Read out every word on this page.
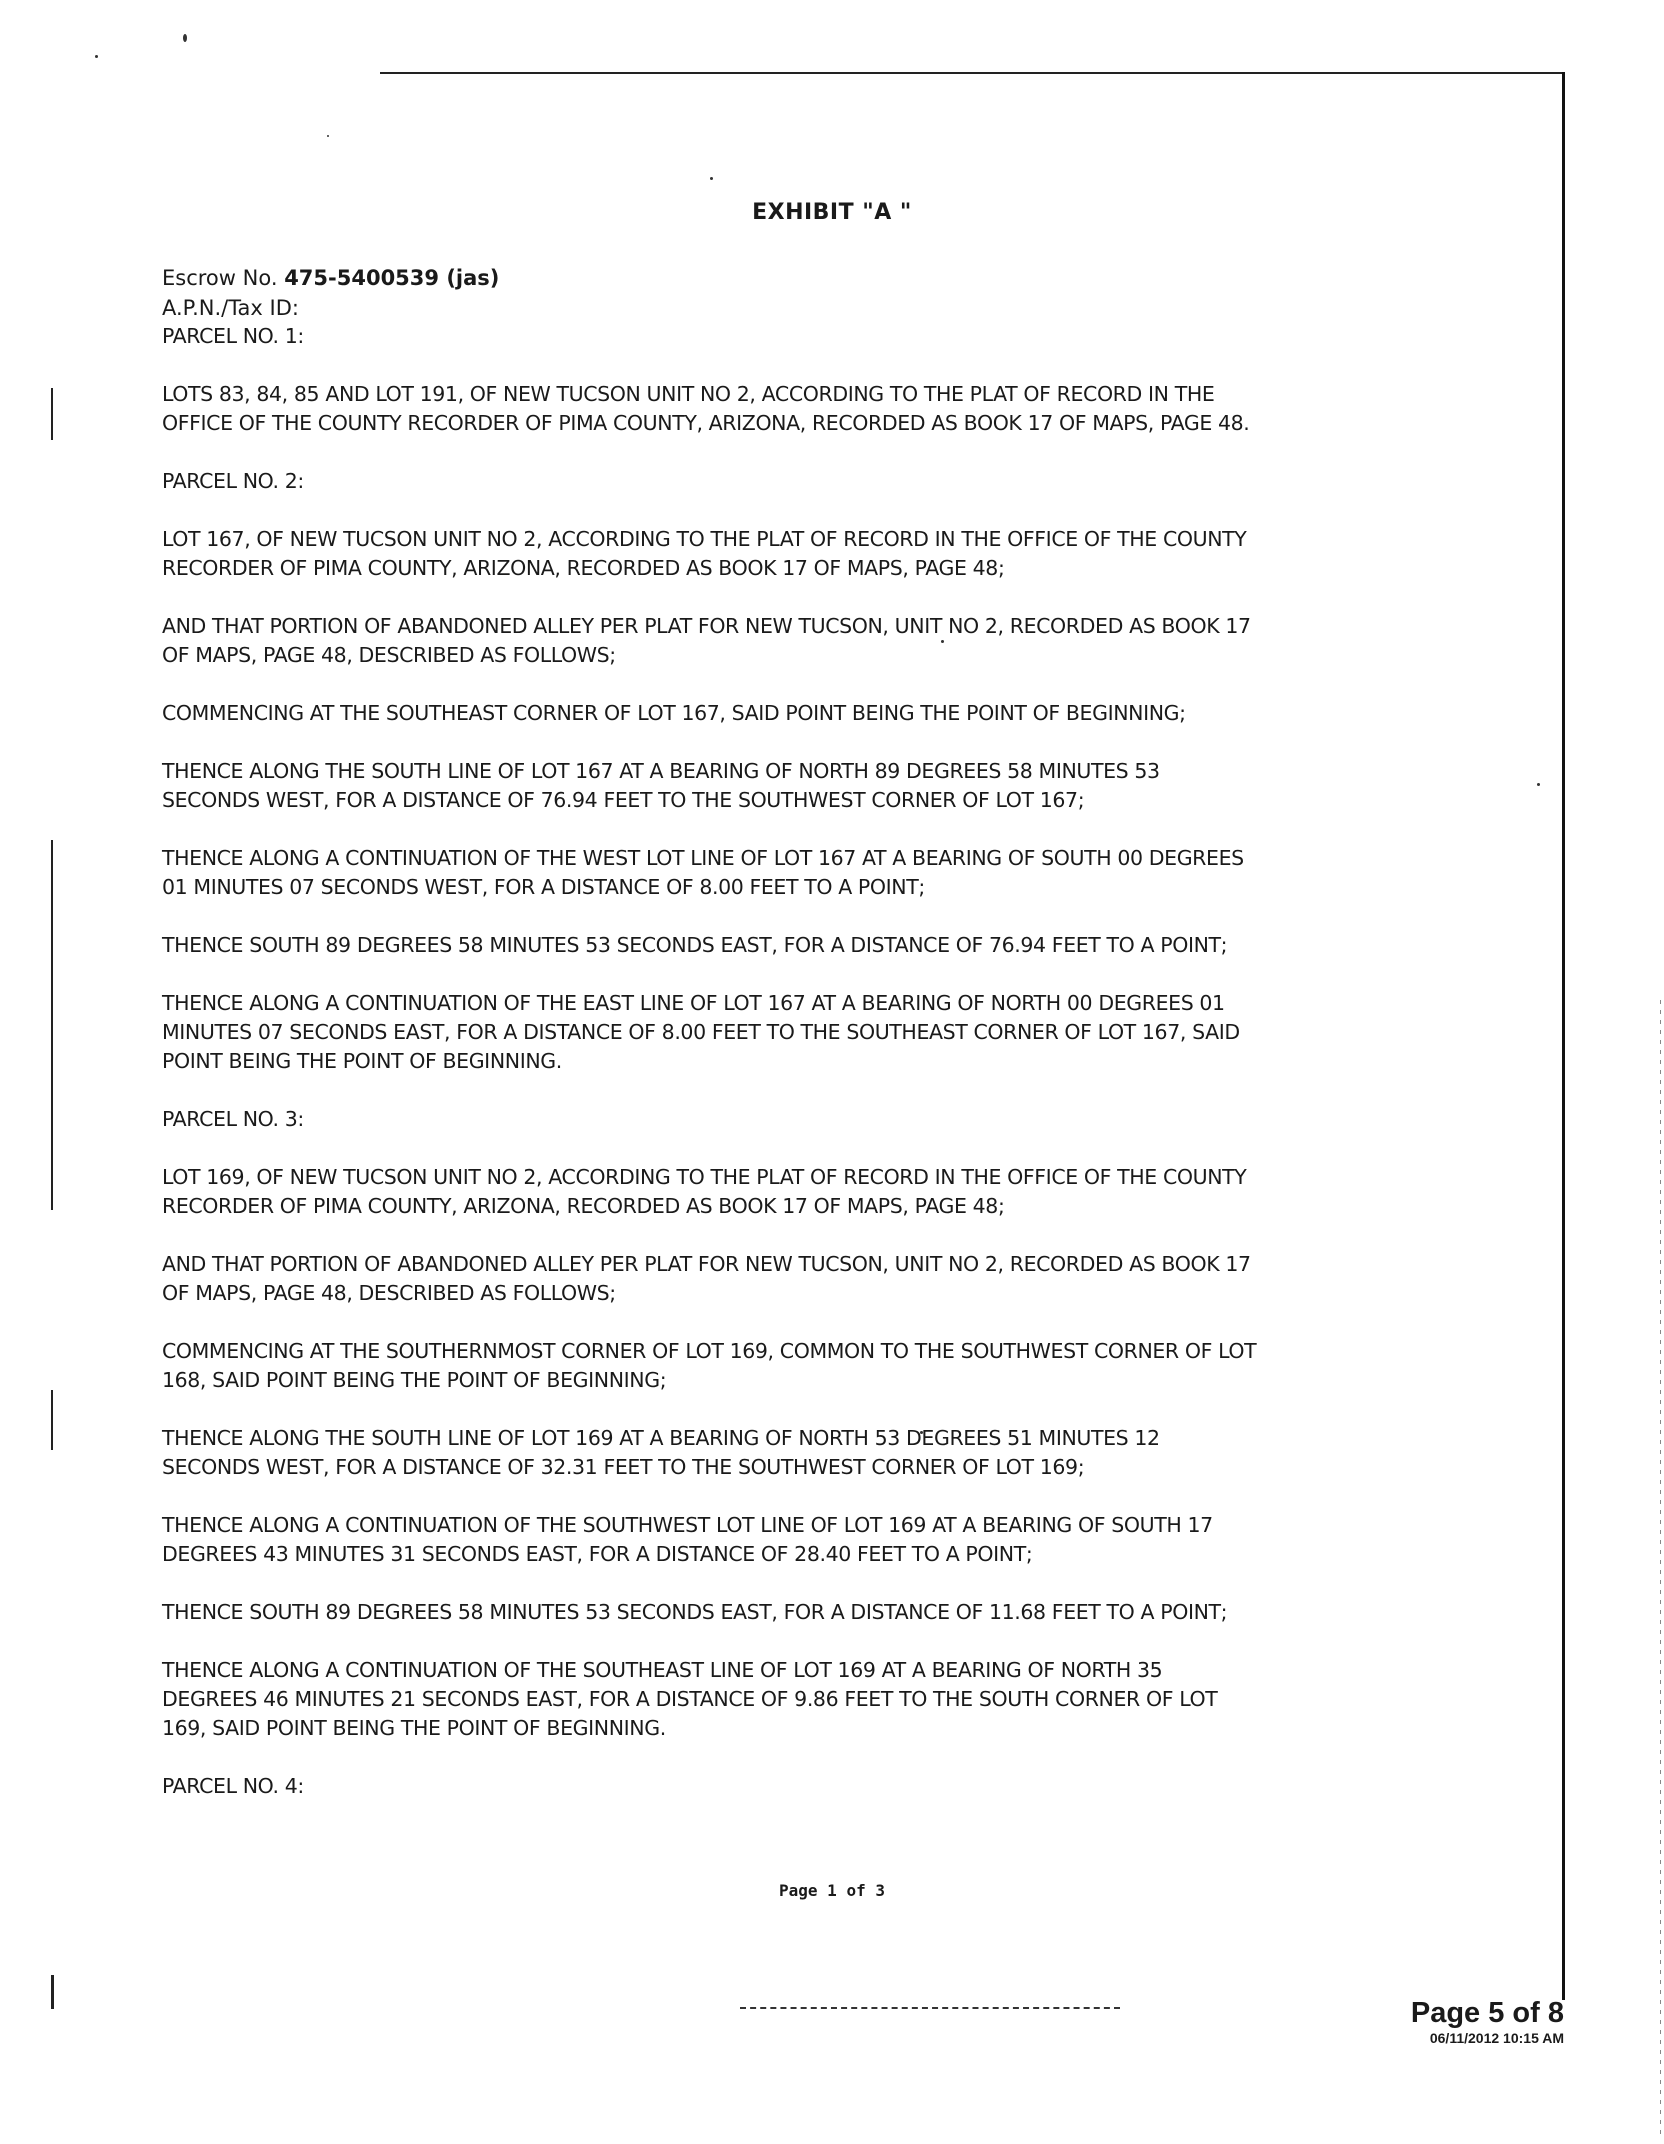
EXHIBIT "A "
Escrow No. 475-5400539 (jas)
A.P.N./Tax ID:

PARCEL NO. 1:

LOTS 83, 84, 85 AND LOT 191, OF NEW TUCSON UNIT NO 2, ACCORDING TO THE PLAT OF RECORD IN THE
OFFICE OF THE COUNTY RECORDER OF PIMA COUNTY, ARIZONA, RECORDED AS BOOK 17 OF MAPS, PAGE 48.

PARCEL NO. 2:

LOT 167, OF NEW TUCSON UNIT NO 2, ACCORDING TO THE PLAT OF RECORD IN THE OFFICE OF THE COUNTY
RECORDER OF PIMA COUNTY, ARIZONA, RECORDED AS BOOK 17 OF MAPS, PAGE 48;

AND THAT PORTION OF ABANDONED ALLEY PER PLAT FOR NEW TUCSON, UNIT NO 2, RECORDED AS BOOK 17
OF MAPS, PAGE 48, DESCRIBED AS FOLLOWS;

COMMENCING AT THE SOUTHEAST CORNER OF LOT 167, SAID POINT BEING THE POINT OF BEGINNING;

THENCE ALONG THE SOUTH LINE OF LOT 167 AT A BEARING OF NORTH 89 DEGREES 58 MINUTES 53
SECONDS WEST, FOR A DISTANCE OF 76.94 FEET TO THE SOUTHWEST CORNER OF LOT 167;

THENCE ALONG A CONTINUATION OF THE WEST LOT LINE OF LOT 167 AT A BEARING OF SOUTH 00 DEGREES
01 MINUTES 07 SECONDS WEST, FOR A DISTANCE OF 8.00 FEET TO A POINT;

THENCE SOUTH 89 DEGREES 58 MINUTES 53 SECONDS EAST, FOR A DISTANCE OF 76.94 FEET TO A POINT;

THENCE ALONG A CONTINUATION OF THE EAST LINE OF LOT 167 AT A BEARING OF NORTH 00 DEGREES 01
MINUTES 07 SECONDS EAST, FOR A DISTANCE OF 8.00 FEET TO THE SOUTHEAST CORNER OF LOT 167, SAID
POINT BEING THE POINT OF BEGINNING.

PARCEL NO. 3:

LOT 169, OF NEW TUCSON UNIT NO 2, ACCORDING TO THE PLAT OF RECORD IN THE OFFICE OF THE COUNTY
RECORDER OF PIMA COUNTY, ARIZONA, RECORDED AS BOOK 17 OF MAPS, PAGE 48;

AND THAT PORTION OF ABANDONED ALLEY PER PLAT FOR NEW TUCSON, UNIT NO 2, RECORDED AS BOOK 17
OF MAPS, PAGE 48, DESCRIBED AS FOLLOWS;

COMMENCING AT THE SOUTHERNMOST CORNER OF LOT 169, COMMON TO THE SOUTHWEST CORNER OF LOT
168, SAID POINT BEING THE POINT OF BEGINNING;

THENCE ALONG THE SOUTH LINE OF LOT 169 AT A BEARING OF NORTH 53 DEGREES 51 MINUTES 12
SECONDS WEST, FOR A DISTANCE OF 32.31 FEET TO THE SOUTHWEST CORNER OF LOT 169;

THENCE ALONG A CONTINUATION OF THE SOUTHWEST LOT LINE OF LOT 169 AT A BEARING OF SOUTH 17
DEGREES 43 MINUTES 31 SECONDS EAST, FOR A DISTANCE OF 28.40 FEET TO A POINT;

THENCE SOUTH 89 DEGREES 58 MINUTES 53 SECONDS EAST, FOR A DISTANCE OF 11.68 FEET TO A POINT;

THENCE ALONG A CONTINUATION OF THE SOUTHEAST LINE OF LOT 169 AT A BEARING OF NORTH 35
DEGREES 46 MINUTES 21 SECONDS EAST, FOR A DISTANCE OF 9.86 FEET TO THE SOUTH CORNER OF LOT
169, SAID POINT BEING THE POINT OF BEGINNING.

PARCEL NO. 4:

Page 1 of 3
Page 5 of 8
06/11/2012 10:15 AM
